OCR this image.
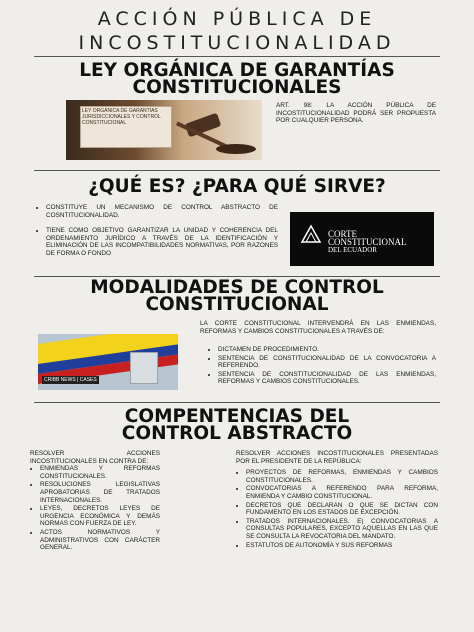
ACCIÓN PÚBLICA DE
INCOSTITUCIONALIDAD
LEY ORGÁNICA DE GARANTÍAS
CONSTITUCIONALES
LEY ORGÁNICA DE GARANTÍAS JURISDICCIONALES Y CONTROL CONSTITUCIONAL
ART. 98: LA ACCIÓN PÚBLICA DE INCOSTITUCIONALIDAD PODRÁ SER PROPUESTA POR CUALQUIER PERSONA.
¿QUÉ ES? ¿PARA QUÉ SIRVE?
• CONSTITUYE UN MECANISMO DE CONTROL ABSTRACTO DE COSNTITUCIONALIDAD.
• TIENE COMO OBJETIVO GARANTIZAR LA UNIDAD Y COHERENCIA DEL ORDENAMIENTO JURÍDICO A TRAVÉS DE LA IDENTIFICACIÓN Y ELIMINACIÓN DE LAS INCOMPATIBILIDADES NORMATIVAS, POR RAZONES DE FORMA O FONDO
CORTE
CONSTITUCIONAL
DEL ECUADOR
MODALIDADES DE CONTROL
CONSTITUCIONAL
CRIBB NEWS | CASES
LA CORTE CONSTITUCIONAL INTERVENDRÁ EN LAS ENMIENDAS, REFORMAS Y CAMBIOS CONSTITUCIONALES A TRAVÉS DE:
• DICTAMEN DE PROCEDIMIENTO.
• SENTENCIA DE CONSTITUCIONALIDAD DE LA CONVOCATORIA A REFERENDO.
• SENTENCIA DE CONSTITUCIONALIDAD DE LAS ENMIENDAS, REFORMAS Y CAMBIOS CONSTITUCIONALES.
COMPENTENCIAS DEL
CONTROL ABSTRACTO
RESOLVER ACCIONES INCOSTITUCIONALES EN CONTRA DE:
• ENMIENDAS Y REFORMAS CONSTITUCIONALES.
• RESOLUCIONES LEGISLATIVAS APROBATORIAS DE TRATADOS INTERNACIONALES.
• LEYES, DECRETOS LEYES DE URGENCIA ECONÓMICA Y DEMÁS NORMAS CON FUERZA DE LEY.
• ACTOS NORMATIVOS Y ADMINISTRATIVOS CON CARÁCTER GENERAL.
RESOLVER ACCIONES INCOSTITUCIONALES PRESENTADAS POR EL PRESIDENTE DE LA REPÚBLICA:
• PROYECTOS DE REFORMAS, ENMIENDAS Y CAMBIOS CONSTITUCIONALES.
• CONVOCATORIAS A REFERENDO PARA REFORMA, ENMIENDA Y CAMBIO CONSTITUCIONAL.
• DECRETOS QUE DECLARAN O QUE SE DICTAN CON FUNDAMENTO EN LOS ESTADOS DE EXCEPCIÓN.
• TRATADOS INTERNACIONALES. E) CONVOCATORIAS A CONSULTAS POPULARES, EXCEPTO AQUELLAS EN LAS QUE SE CONSULTA LA REVOCATORIA DEL MANDATO.
• ESTATUTOS DE AUTONOMÍA Y SUS REFORMAS
